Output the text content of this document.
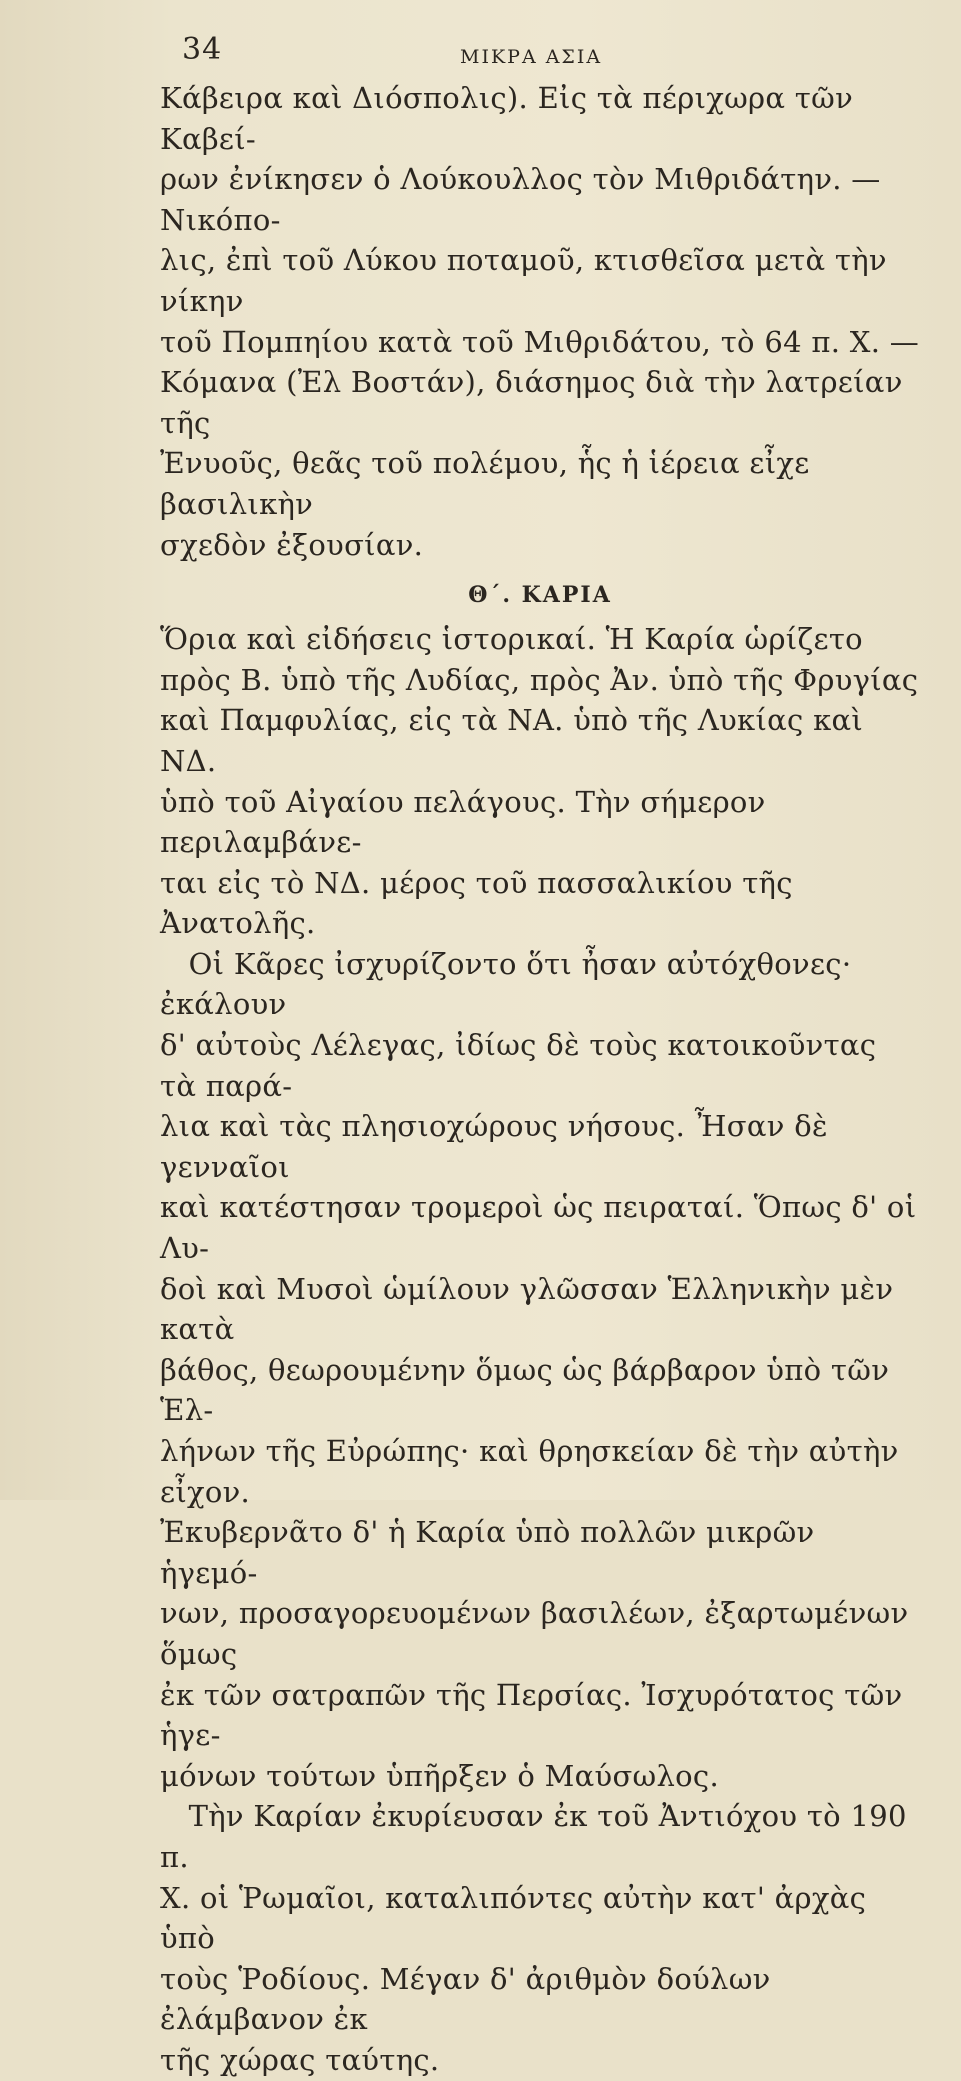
34	ΜΙΚΡΑ ΑΣΙΑ

Κάβειρα καὶ Διόσπολις). Εἰς τὰ πέριχωρα τῶν Καβεί-
ρων ἐνίκησεν ὁ Λούκουλλος τὸν Μιθριδάτην. —Νικόπο-
λις, ἐπὶ τοῦ Λύκου ποταμοῦ, κτισθεῖσα μετὰ τὴν νίκην
τοῦ Πομπηίου κατὰ τοῦ Μιθριδάτου, τὸ 64 π. Χ. —
Κόμανα (Ἐλ Βοστάν), διάσημος διὰ τὴν λατρείαν τῆς
Ἐνυοῦς, θεᾶς τοῦ πολέμου, ἧς ἡ ἱέρεια εἶχε βασιλικὴν
σχεδὸν ἐξουσίαν.

Θ΄. ΚΑΡΙΑ

Ὅρια καὶ εἰδήσεις ἱστορικαί. Ἡ Καρία ὡρίζετο
πρὸς Β. ὑπὸ τῆς Λυδίας, πρὸς Ἀν. ὑπὸ τῆς Φρυγίας
καὶ Παμφυλίας, εἰς τὰ ΝΑ. ὑπὸ τῆς Λυκίας καὶ ΝΔ.
ὑπὸ τοῦ Αἰγαίου πελάγους. Τὴν σήμερον περιλαμβάνε-
ται εἰς τὸ ΝΔ. μέρος τοῦ πασσαλικίου τῆς Ἀνατολῆς.

Οἱ Κᾶρες ἰσχυρίζοντο ὅτι ἦσαν αὐτόχθονες· ἐκάλουν
δ' αὐτοὺς Λέλεγας, ἰδίως δὲ τοὺς κατοικοῦντας τὰ παρά-
λια καὶ τὰς πλησιοχώρους νήσους. Ἦσαν δὲ γενναῖοι
καὶ κατέστησαν τρομεροὶ ὡς πειραταί. Ὅπως δ' οἱ Λυ-
δοὶ καὶ Μυσοὶ ὡμίλουν γλῶσσαν Ἑλληνικὴν μὲν κατὰ
βάθος, θεωρουμένην ὅμως ὡς βάρβαρον ὑπὸ τῶν Ἑλ-
λήνων τῆς Εὐρώπης· καὶ θρησκείαν δὲ τὴν αὐτὴν εἶχον.
Ἐκυβερνᾶτο δ' ἡ Καρία ὑπὸ πολλῶν μικρῶν ἡγεμό-
νων, προσαγορευομένων βασιλέων, ἐξαρτωμένων ὅμως
ἐκ τῶν σατραπῶν τῆς Περσίας. Ἰσχυρότατος τῶν ἡγε-
μόνων τούτων ὑπῆρξεν ὁ Μαύσωλος.

Τὴν Καρίαν ἐκυρίευσαν ἐκ τοῦ Ἀντιόχου τὸ 190 π.
Χ. οἱ Ῥωμαῖοι, καταλιπόντες αὐτὴν κατ' ἀρχὰς ὑπὸ
τοὺς Ῥοδίους. Μέγαν δ' ἀριθμὸν δούλων ἐλάμβανον ἐκ
τῆς χώρας ταύτης.
